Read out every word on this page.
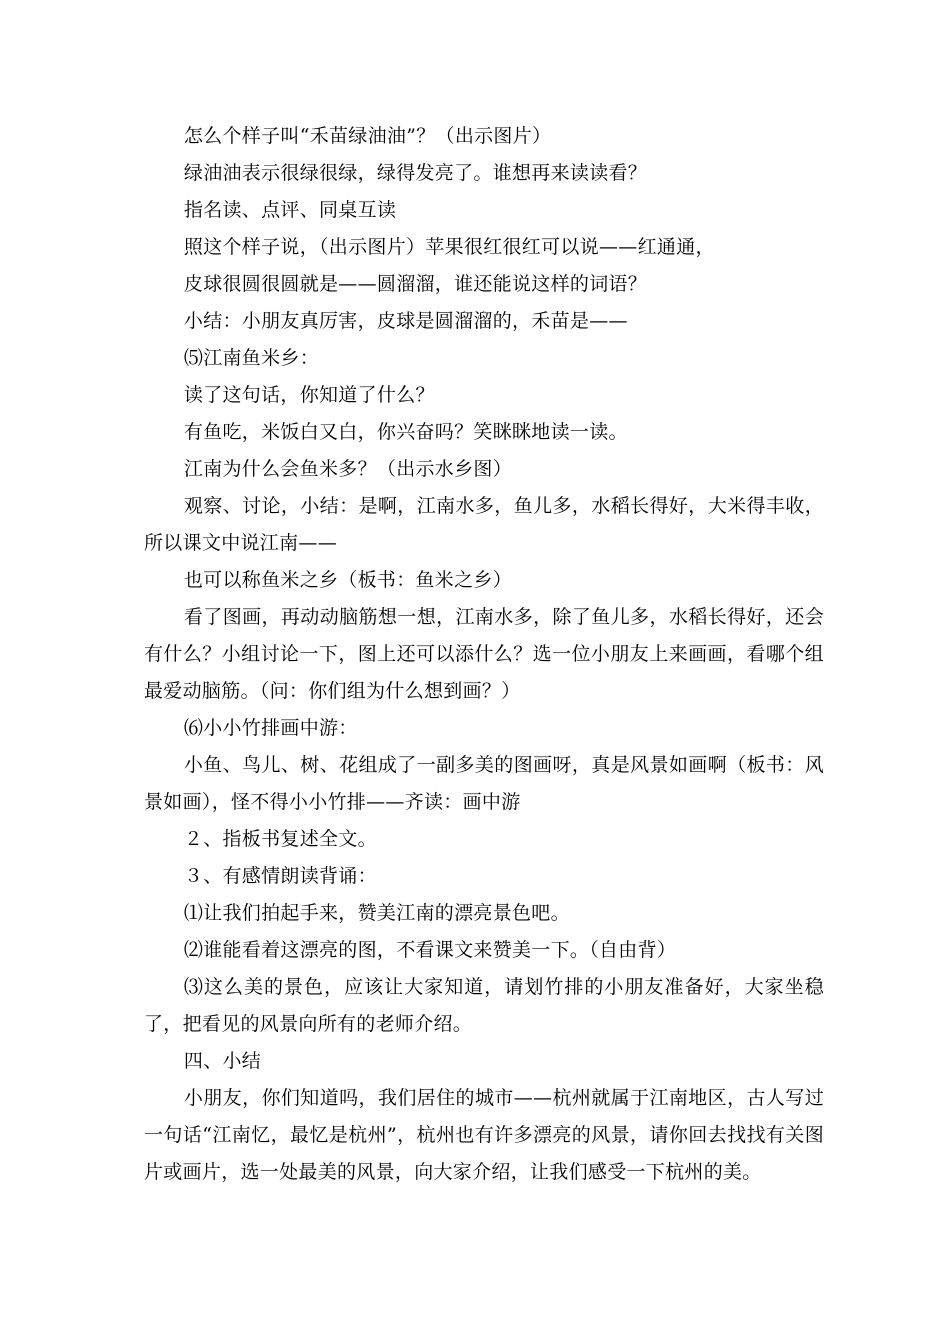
怎么个样子叫“禾苗绿油油”？（出示图片）

绿油油表示很绿很绿，绿得发亮了。谁想再来读读看？

指名读、点评、同桌互读

照这个样子说，（出示图片）苹果很红很红可以说——红通通，

皮球很圆很圆就是——圆溜溜，谁还能说这样的词语？

小结：小朋友真厉害，皮球是圆溜溜的，禾苗是——

⑸江南鱼米乡：

读了这句话，你知道了什么？

有鱼吃，米饭白又白，你兴奋吗？笑眯眯地读一读。

江南为什么会鱼米多？（出示水乡图）

观察、讨论，小结：是啊，江南水多，鱼儿多，水稻长得好，大米得丰收，所以课文中说江南——

也可以称鱼米之乡（板书：鱼米之乡）

看了图画，再动动脑筋想一想，江南水多，除了鱼儿多，水稻长得好，还会有什么？小组讨论一下，图上还可以添什么？选一位小朋友上来画画，看哪个组最爱动脑筋。（问：你们组为什么想到画？）

⑹小小竹排画中游：

小鱼、鸟儿、树、花组成了一副多美的图画呀，真是风景如画啊（板书：风景如画），怪不得小小竹排——齐读：画中游

２、指板书复述全文。

３、有感情朗读背诵：

⑴让我们拍起手来，赞美江南的漂亮景色吧。

⑵谁能看着这漂亮的图，不看课文来赞美一下。（自由背）

⑶这么美的景色，应该让大家知道，请划竹排的小朋友准备好，大家坐稳了，把看见的风景向所有的老师介绍。

四、小结

小朋友，你们知道吗，我们居住的城市——杭州就属于江南地区，古人写过一句话“江南忆，最忆是杭州”，杭州也有许多漂亮的风景，请你回去找找有关图片或画片，选一处最美的风景，向大家介绍，让我们感受一下杭州的美。
